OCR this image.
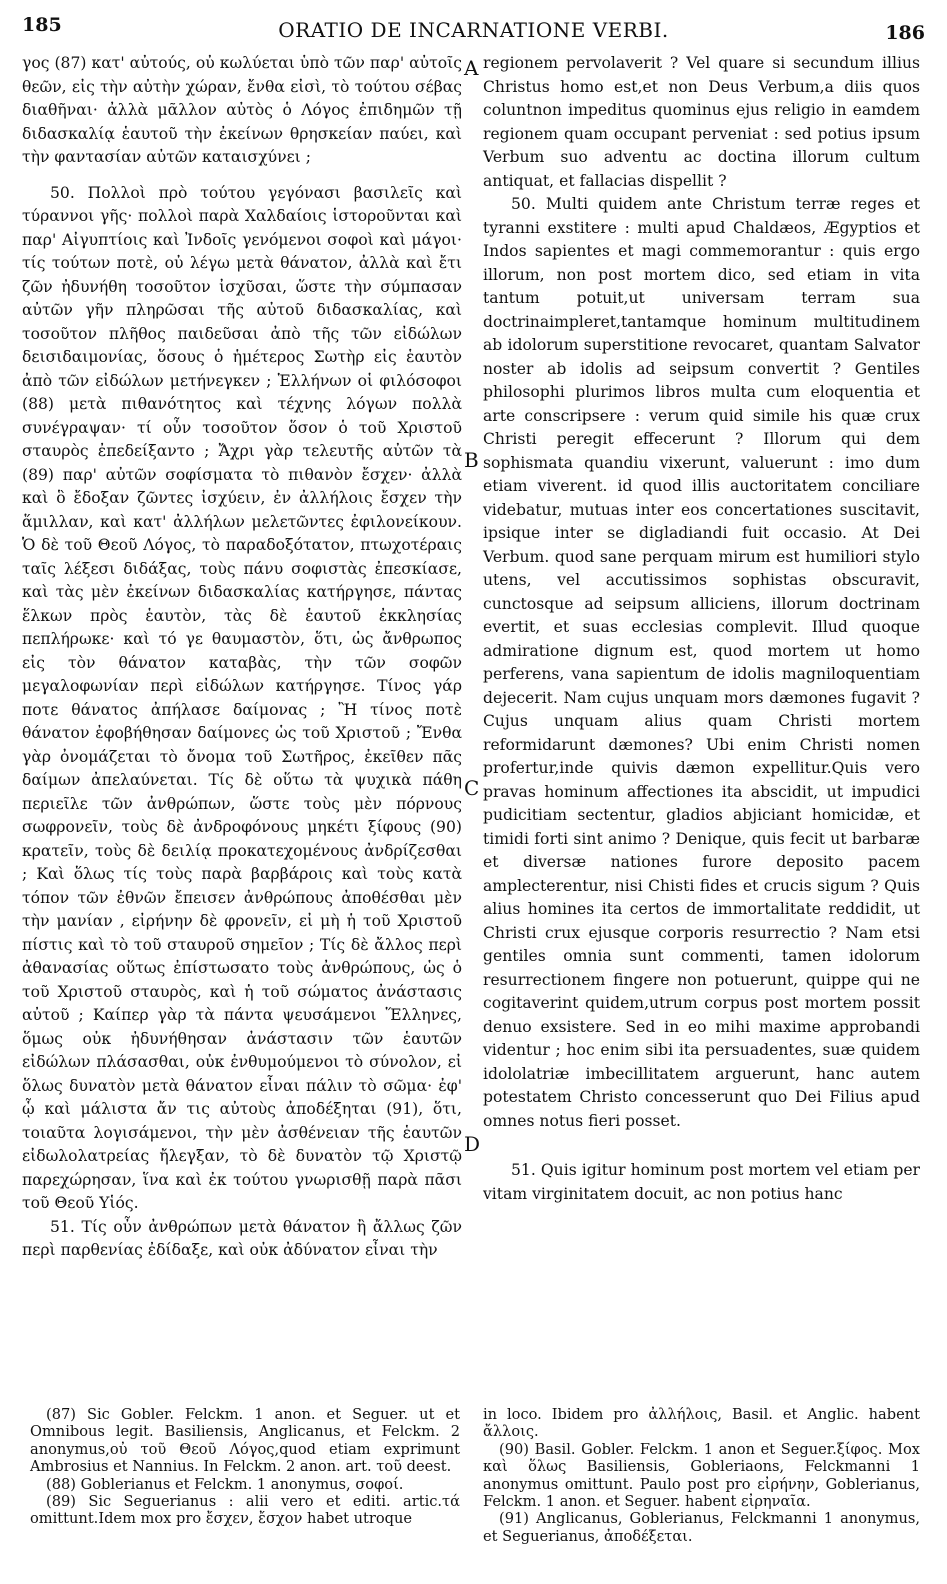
185	ORATIO DE INCARNATIONE VERBI.	186

γος (87) κατ' αὐτούς, οὐ κωλύεται ὑπὸ τῶν παρ' αὐτοῖς θεῶν, εἰς τὴν αὐτὴν χώραν, ἔνθα εἰσὶ, τὸ τούτου σέβας διαθῆναι· ἀλλὰ μᾶλλον αὐτὸς ὁ Λόγος ἐπιδημῶν τῇ διδασκαλίᾳ ἑαυτοῦ τὴν ἐκείνων θρησκείαν παύει, καὶ τὴν φαντασίαν αὐτῶν καταισχύνει ;

50. Πολλοὶ πρὸ τούτου γεγόνασι βασιλεῖς καὶ τύραννοι γῆς· πολλοὶ παρὰ Χαλδαίοις ἱστοροῦνται καὶ παρ' Αἰγυπτίοις καὶ Ἰνδοῖς γενόμενοι σοφοὶ καὶ μάγοι· τίς τούτων ποτὲ, οὐ λέγω μετὰ θάνατον, ἀλλὰ καὶ ἔτι ζῶν ἠδυνήθη τοσοῦτον ἰσχῦσαι, ὥστε τὴν σύμπασαν αὐτῶν γῆν πληρῶσαι τῆς αὐτοῦ διδασκαλίας, καὶ τοσοῦτον πλῆθος παιδεῦσαι ἀπὸ τῆς τῶν εἰδώλων δεισιδαιμονίας, ὅσους ὁ ἡμέτερος Σωτὴρ εἰς ἑαυτὸν ἀπὸ τῶν εἰδώλων μετήνεγκεν ; Ἑλλήνων οἱ φιλόσοφοι (88) μετὰ πιθανότητος καὶ τέχνης λόγων πολλὰ συνέγραψαν· τί οὖν τοσοῦτον ὅσον ὁ τοῦ Χριστοῦ σταυρὸς ἐπεδείξαντο ; Ἄχρι γὰρ τελευτῆς αὐτῶν τὰ (89) παρ' αὐτῶν σοφίσματα τὸ πιθανὸν ἔσχεν· ἀλλὰ καὶ ὃ ἔδοξαν ζῶντες ἰσχύειν, ἐν ἀλλήλοις ἔσχεν τὴν ἅμιλλαν, καὶ κατ' ἀλλήλων μελετῶντες ἐφιλονείκουν. Ὁ δὲ τοῦ Θεοῦ Λόγος, τὸ παραδοξότατον, πτωχοτέραις ταῖς λέξεσι διδάξας, τοὺς πάνυ σοφιστὰς ἐπεσκίασε, καὶ τὰς μὲν ἐκείνων διδασκαλίας κατήργησε, πάντας ἕλκων πρὸς ἑαυτὸν, τὰς δὲ ἑαυτοῦ ἐκκλησίας πεπλήρωκε· καὶ τό γε θαυμαστὸν, ὅτι, ὡς ἄνθρωπος εἰς τὸν θάνατον καταβὰς, τὴν τῶν σοφῶν μεγαλοφωνίαν περὶ εἰδώλων κατήργησε. Τίνος γάρ ποτε θάνατος ἀπήλασε δαίμονας ; Ἢ τίνος ποτὲ θάνατον ἐφοβήθησαν δαίμονες ὡς τοῦ Χριστοῦ ; Ἔνθα γὰρ ὀνομάζεται τὸ ὄνομα τοῦ Σωτῆρος, ἐκεῖθεν πᾶς δαίμων ἀπελαύνεται. Τίς δὲ οὕτω τὰ ψυχικὰ πάθη περιεῖλε τῶν ἀνθρώπων, ὥστε τοὺς μὲν πόρνους σωφρονεῖν, τοὺς δὲ ἀνδροφόνους μηκέτι ξίφους (90) κρατεῖν, τοὺς δὲ δειλίᾳ προκατεχομένους ἀνδρίζεσθαι ; Καὶ ὅλως τίς τοὺς παρὰ βαρβάροις καὶ τοὺς κατὰ τόπον τῶν ἐθνῶν ἔπεισεν ἀνθρώπους ἀποθέσθαι μὲν τὴν μανίαν , εἰρήνην δὲ φρονεῖν, εἰ μὴ ἡ τοῦ Χριστοῦ πίστις καὶ τὸ τοῦ σταυροῦ σημεῖον ; Τίς δὲ ἄλλος περὶ ἀθανασίας οὕτως ἐπίστωσατο τοὺς ἀνθρώπους, ὡς ὁ τοῦ Χριστοῦ σταυρὸς, καὶ ἡ τοῦ σώματος ἀνάστασις αὐτοῦ ; Καίπερ γὰρ τὰ πάντα ψευσάμενοι Ἕλληνες, ὅμως οὐκ ἠδυνήθησαν ἀνάστασιν τῶν ἑαυτῶν εἰδώλων πλάσασθαι, οὐκ ἐνθυμούμενοι τὸ σύνολον, εἰ ὅλως δυνατὸν μετὰ θάνατον εἶναι πάλιν τὸ σῶμα· ἐφ' ᾧ καὶ μάλιστα ἄν τις αὐτοὺς ἀποδέξηται (91), ὅτι, τοιαῦτα λογισάμενοι, τὴν μὲν ἀσθένειαν τῆς ἑαυτῶν εἰδωλολατρείας ἤλεγξαν, τὸ δὲ δυνατὸν τῷ Χριστῷ παρεχώρησαν, ἵνα καὶ ἐκ τούτου γνωρισθῇ παρὰ πᾶσι τοῦ Θεοῦ Υἱός.

51. Τίς οὖν ἀνθρώπων μετὰ θάνατον ἢ ἄλλως ζῶν περὶ παρθενίας ἐδίδαξε, καὶ οὐκ ἀδύνατον εἶναι τὴν

A
B
C
D

regionem pervolaverit ? Vel quare si secundum illius Christus homo est,et non Deus Verbum,a diis quos coluntnon impeditus quominus ejus religio in eamdem regionem quam occupant perveniat : sed potius ipsum Verbum suo adventu ac doctina illorum cultum antiquat, et fallacias dispellit ?

50. Multi quidem ante Christum terræ reges et tyranni exstitere : multi apud Chaldæos, Ægyptios et Indos sapientes et magi commemorantur : quis ergo illorum, non post mortem dico, sed etiam in vita tantum potuit,ut universam terram sua doctrinaimpleret,tantamque hominum multitudinem ab idolorum superstitione revocaret, quantam Salvator noster ab idolis ad seipsum convertit ? Gentiles philosophi plurimos libros multa cum eloquentia et arte conscripsere : verum quid simile his quæ crux Christi peregit effecerunt ? Illorum qui dem sophismata quandiu vixerunt, valuerunt : imo dum etiam viverent. id quod illis auctoritatem conciliare videbatur, mutuas inter eos concertationes suscitavit, ipsique inter se digladiandi fuit occasio. At Dei Verbum. quod sane perquam mirum est humiliori stylo utens, vel accutissimos sophistas obscuravit, cunctosque ad seipsum alliciens, illorum doctrinam evertit, et suas ecclesias complevit. Illud quoque admiratione dignum est, quod mortem ut homo perferens, vana sapientum de idolis magniloquentiam dejecerit. Nam cujus unquam mors dæmones fugavit ? Cujus unquam alius quam Christi mortem reformidarunt dæmones? Ubi enim Christi nomen profertur,inde quivis dæmon expellitur.Quis vero pravas hominum affectiones ita abscidit, ut impudici pudicitiam sectentur, gladios abjiciant homicidæ, et timidi forti sint animo ? Denique, quis fecit ut barbaræ et diversæ nationes furore deposito pacem amplecterentur, nisi Chisti fides et crucis sigum ? Quis alius homines ita certos de immortalitate reddidit, ut Christi crux ejusque corporis resurrectio ? Nam etsi gentiles omnia sunt commenti, tamen idolorum resurrectionem fingere non potuerunt, quippe qui ne cogitaverint quidem,utrum corpus post mortem possit denuo exsistere. Sed in eo mihi maxime approbandi videntur ; hoc enim sibi ita persuadentes, suæ quidem idololatriæ imbecillitatem arguerunt, hanc autem potestatem Christo concesserunt quo Dei Filius apud omnes notus fieri posset.

51. Quis igitur hominum post mortem vel etiam per vitam virginitatem docuit, ac non potius hanc

(87) Sic Gobler. Felckm. 1 anon. et Seguer. ut et Omnibous legit. Basiliensis, Anglicanus, et Felckm. 2 anonymus,οὐ τοῦ Θεοῦ Λόγος,quod etiam exprimunt Ambrosius et Nannius. In Felckm. 2 anon. art. τοῦ deest.

(88) Goblerianus et Felckm. 1 anonymus, σοφοί.

(89) Sic Seguerianus : alii vero et editi. artic.τά omittunt.Idem mox pro ἔσχεν, ἔσχον habet utroque

in loco. Ibidem pro ἀλλήλοις, Basil. et Anglic. habent ἄλλοις.

(90) Basil. Gobler. Felckm. 1 anon et Seguer.ξίφος. Mox καὶ ὅλως Basiliensis, Gobleriaons, Felckmanni 1 anonymus omittunt. Paulo post pro εἰρήνην, Goblerianus, Felckm. 1 anon. et Seguer. habent εἰρηναῖα.

(91) Anglicanus, Goblerianus, Felckmanni 1 anonymus, et Seguerianus, ἀποδέξεται.
